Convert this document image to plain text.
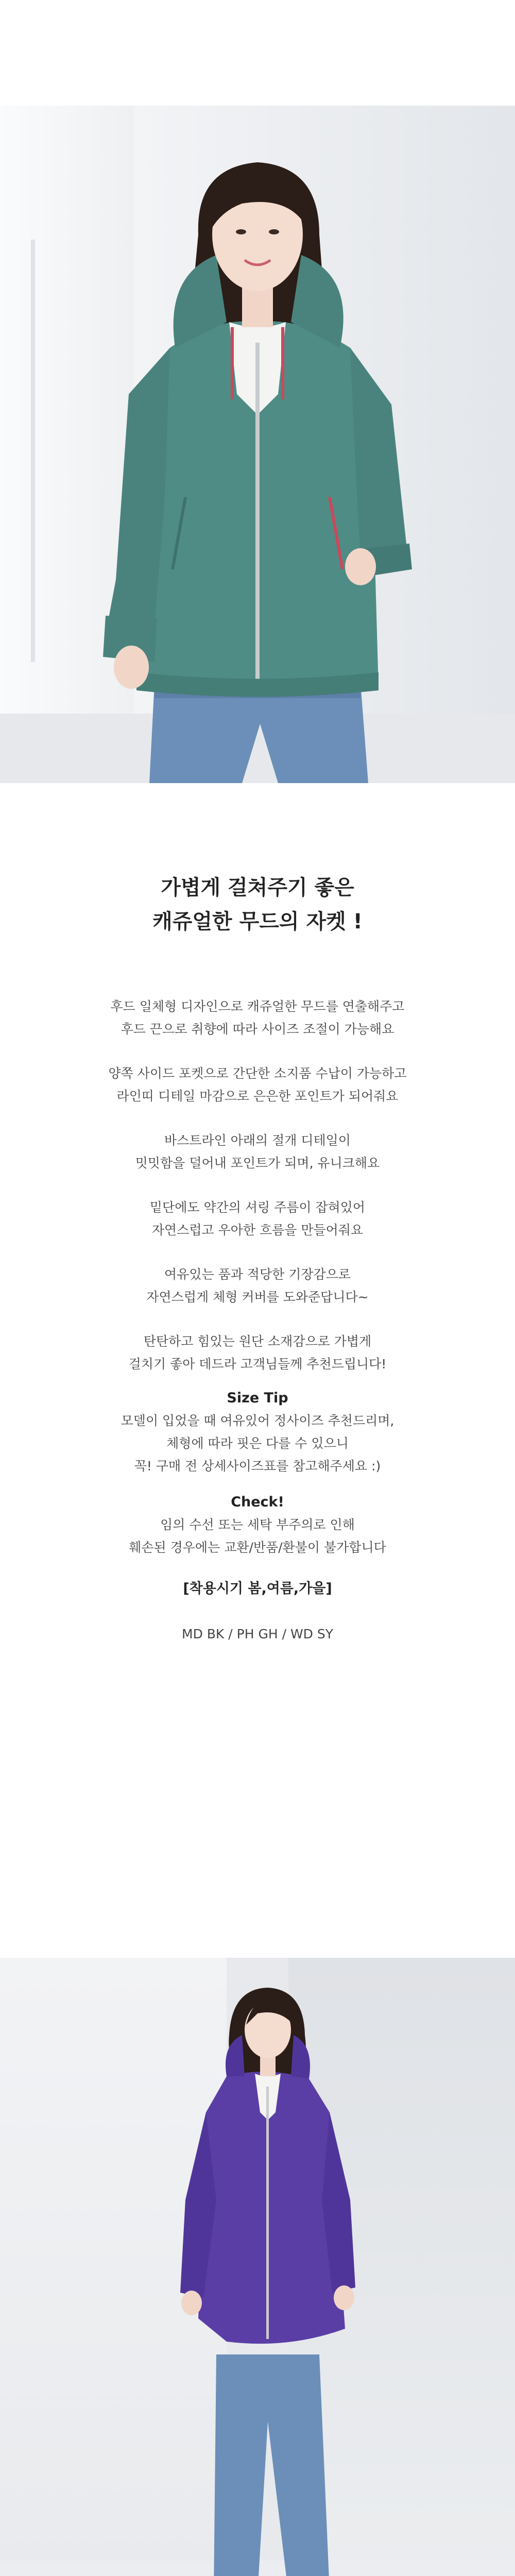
가볍게 걸쳐주기 좋은

캐쥬얼한 무드의 자켓 !

후드 일체형 디자인으로 캐쥬얼한 무드를 연출해주고

후드 끈으로 취향에 따라 사이즈 조절이 가능해요

양쪽 사이드 포켓으로 간단한 소지품 수납이 가능하고

라인띠 디테일 마감으로 은은한 포인트가 되어줘요

바스트라인 아래의 절개 디테일이

밋밋함을 덜어내 포인트가 되며, 유니크해요

밑단에도 약간의 셔링 주름이 잡혀있어

자연스럽고 우아한 흐름을 만들어줘요

여유있는 품과 적당한 기장감으로

자연스럽게 체형 커버를 도와준답니다~

탄탄하고 힘있는 원단 소재감으로 가볍게

걸치기 좋아 데드라 고객님들께 추천드립니다!

Size Tip

모델이 입었을 때 여유있어 정사이즈 추천드리며,

체형에 따라 핏은 다를 수 있으니

꼭! 구매 전 상세사이즈표를 참고해주세요 :)

Check!

임의 수선 또는 세탁 부주의로 인해

훼손된 경우에는 교환/반품/환불이 불가합니다

[착용시기 봄,여름,가을]

MD BK / PH GH / WD SY
